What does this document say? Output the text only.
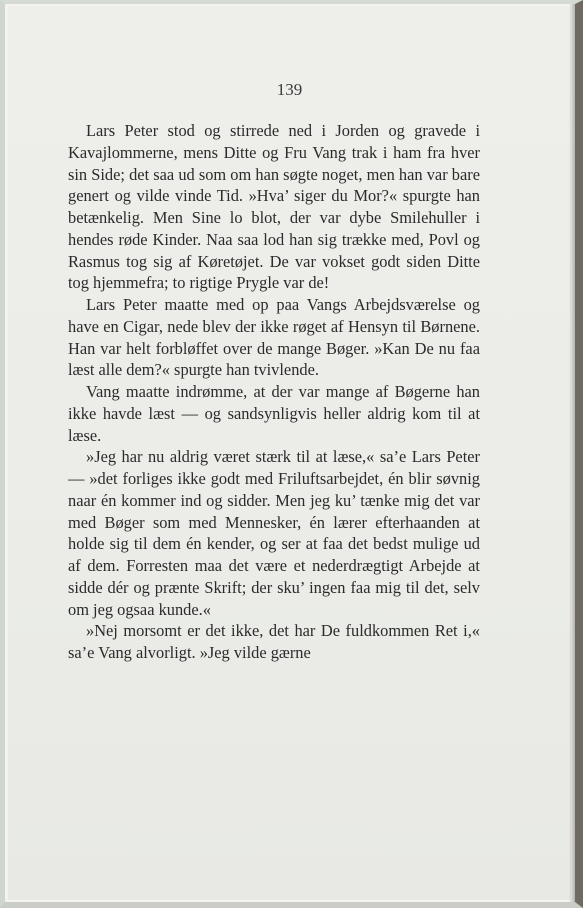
139

Lars Peter stod og stirrede ned i Jorden og gravede i Kavajlommerne, mens Ditte og Fru Vang trak i ham fra hver sin Side; det saa ud som om han søgte noget, men han var bare genert og vilde vinde Tid. »Hva’ siger du Mor?« spurgte han betænkelig. Men Sine lo blot, der var dybe Smilehuller i hendes røde Kinder. Naa saa lod han sig trække med, Povl og Rasmus tog sig af Køretøjet. De var vokset godt siden Ditte tog hjemmefra; to rigtige Prygle var de!

Lars Peter maatte med op paa Vangs Arbejdsværelse og have en Cigar, nede blev der ikke røget af Hensyn til Børnene. Han var helt forbløffet over de mange Bøger. »Kan De nu faa læst alle dem?« spurgte han tvivlende.

Vang maatte indrømme, at der var mange af Bøgerne han ikke havde læst — og sandsynligvis heller aldrig kom til at læse.

»Jeg har nu aldrig været stærk til at læse,« sa’e Lars Peter — »det forliges ikke godt med Friluftsarbejdet, én blir søvnig naar én kommer ind og sidder. Men jeg ku’ tænke mig det var med Bøger som med Mennesker, én lærer efterhaanden at holde sig til dem én kender, og ser at faa det bedst mulige ud af dem. Forresten maa det være et nederdrægtigt Arbejde at sidde dér og prænte Skrift; der sku’ ingen faa mig til det, selv om jeg ogsaa kunde.«

»Nej morsomt er det ikke, det har De fuldkommen Ret i,« sa’e Vang alvorligt. »Jeg vilde gærne
